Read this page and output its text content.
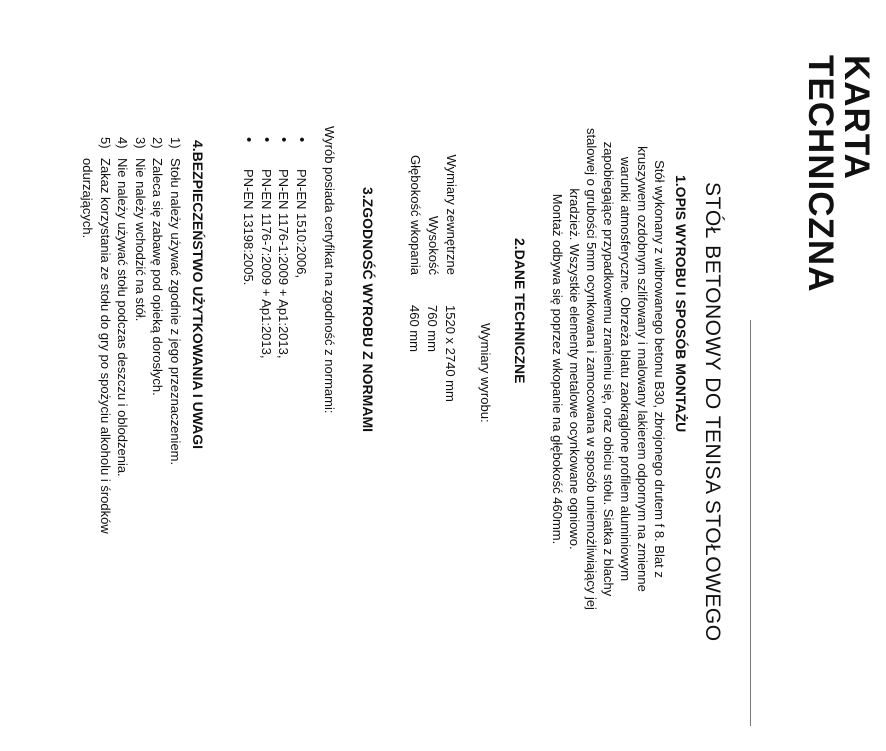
KARTA
TECHNICZNA
STÓŁ BETONOWY DO TENISA STOŁOWEGO
1.OPIS WYROBU I SPOSÓB MONTAŻU
Stół wykonany z wibrowanego betonu B30, zbrojonego drutem f 8. Blat z
kruszywem ozdobnym szlifowany i malowany lakierem odpornym na zmienne
warunki atmosferyczne. Obrzeża blatu zaokrąglone profilem aluminiowym
zapobiegające przypadkowemu zranieniu się, oraz obiciu stołu. Siatka z blachy
stalowej o grubości 5mm ocynkowana i zamocowana w sposób uniemożliwiający jej
kradzież. Wszystkie elementy metalowe ocynkowane ogniowo.
Montaż odbywa się poprzez wkopanie na głębokość 460mm.
2.DANE TECHNICZNE
Wymiary wyrobu:
Wymiary zewnętrzne
1520 x 2740 mm
Wysokość
760 mm
Głębokość wkopania
460 mm
3.ZGODNOŚĆ WYROBU Z NORMAMI
Wyrób posiada certyfikat na zgodność z normami:
• PN-EN 1510:2006,
• PN-EN 1176-1:2009 + Ap1:2013,
• PN-EN 1176-7:2009 + Ap1:2013,
• PN-EN 13198:2005.
4.BEZPIECZEŃSTWO UŻYTKOWANIA I UWAGI
1)
Stołu należy używać zgodnie z jego przeznaczeniem.
2)
Zaleca się zabawę pod opieką dorosłych.
3)
Nie należy wchodzić na stół.
4)
Nie należy używać stołu podczas deszczu i oblodzenia.
5)
Zakaz korzystania ze stołu do gry po spożyciu alkoholu i środków
odurzających.
